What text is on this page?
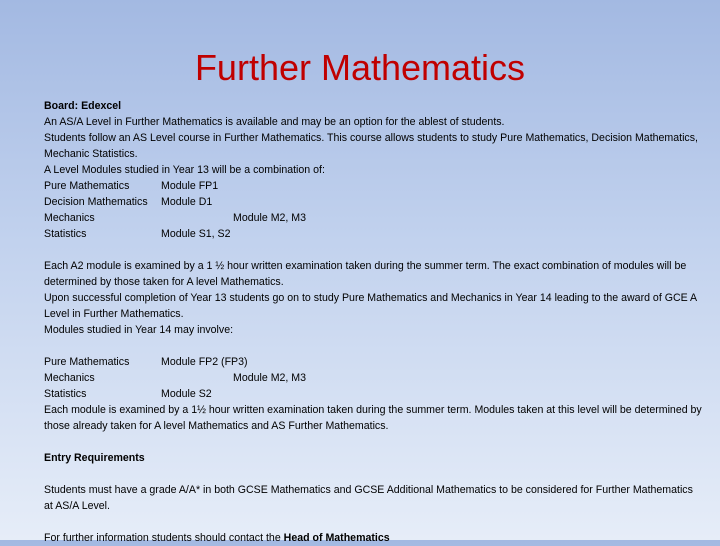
Further Mathematics
Board: Edexcel
An AS/A Level in Further Mathematics is available and may be an option for the ablest of students.
Students follow an AS Level course in Further Mathematics. This course allows students to study Pure Mathematics, Decision Mathematics, Mechanic Statistics.
A Level Modules studied in Year 13 will be a combination of:
Pure Mathematics	Module FP1
Decision Mathematics Module D1
Mechanics	Module M2, M3
Statistics	Module S1, S2
Each A2 module is examined by a 1 ½ hour written examination taken during the summer term. The exact combination of modules will be determined by those taken for A level Mathematics.
Upon successful completion of Year 13 students go on to study Pure Mathematics and Mechanics in Year 14 leading to the award of GCE A Level in Further Mathematics.
Modules studied in Year 14 may involve:
Pure Mathematics	Module FP2 (FP3)
Mechanics	Module M2, M3
Statistics	Module S2
Each module is examined by a 1½ hour written examination taken during the summer term. Modules taken at this level will be determined by those already taken for A level Mathematics and AS Further Mathematics.
Entry Requirements
Students must have a grade A/A* in both GCSE Mathematics and GCSE Additional Mathematics to be considered for Further Mathematics at AS/A Level.
For further information students should contact the Head of Mathematics
